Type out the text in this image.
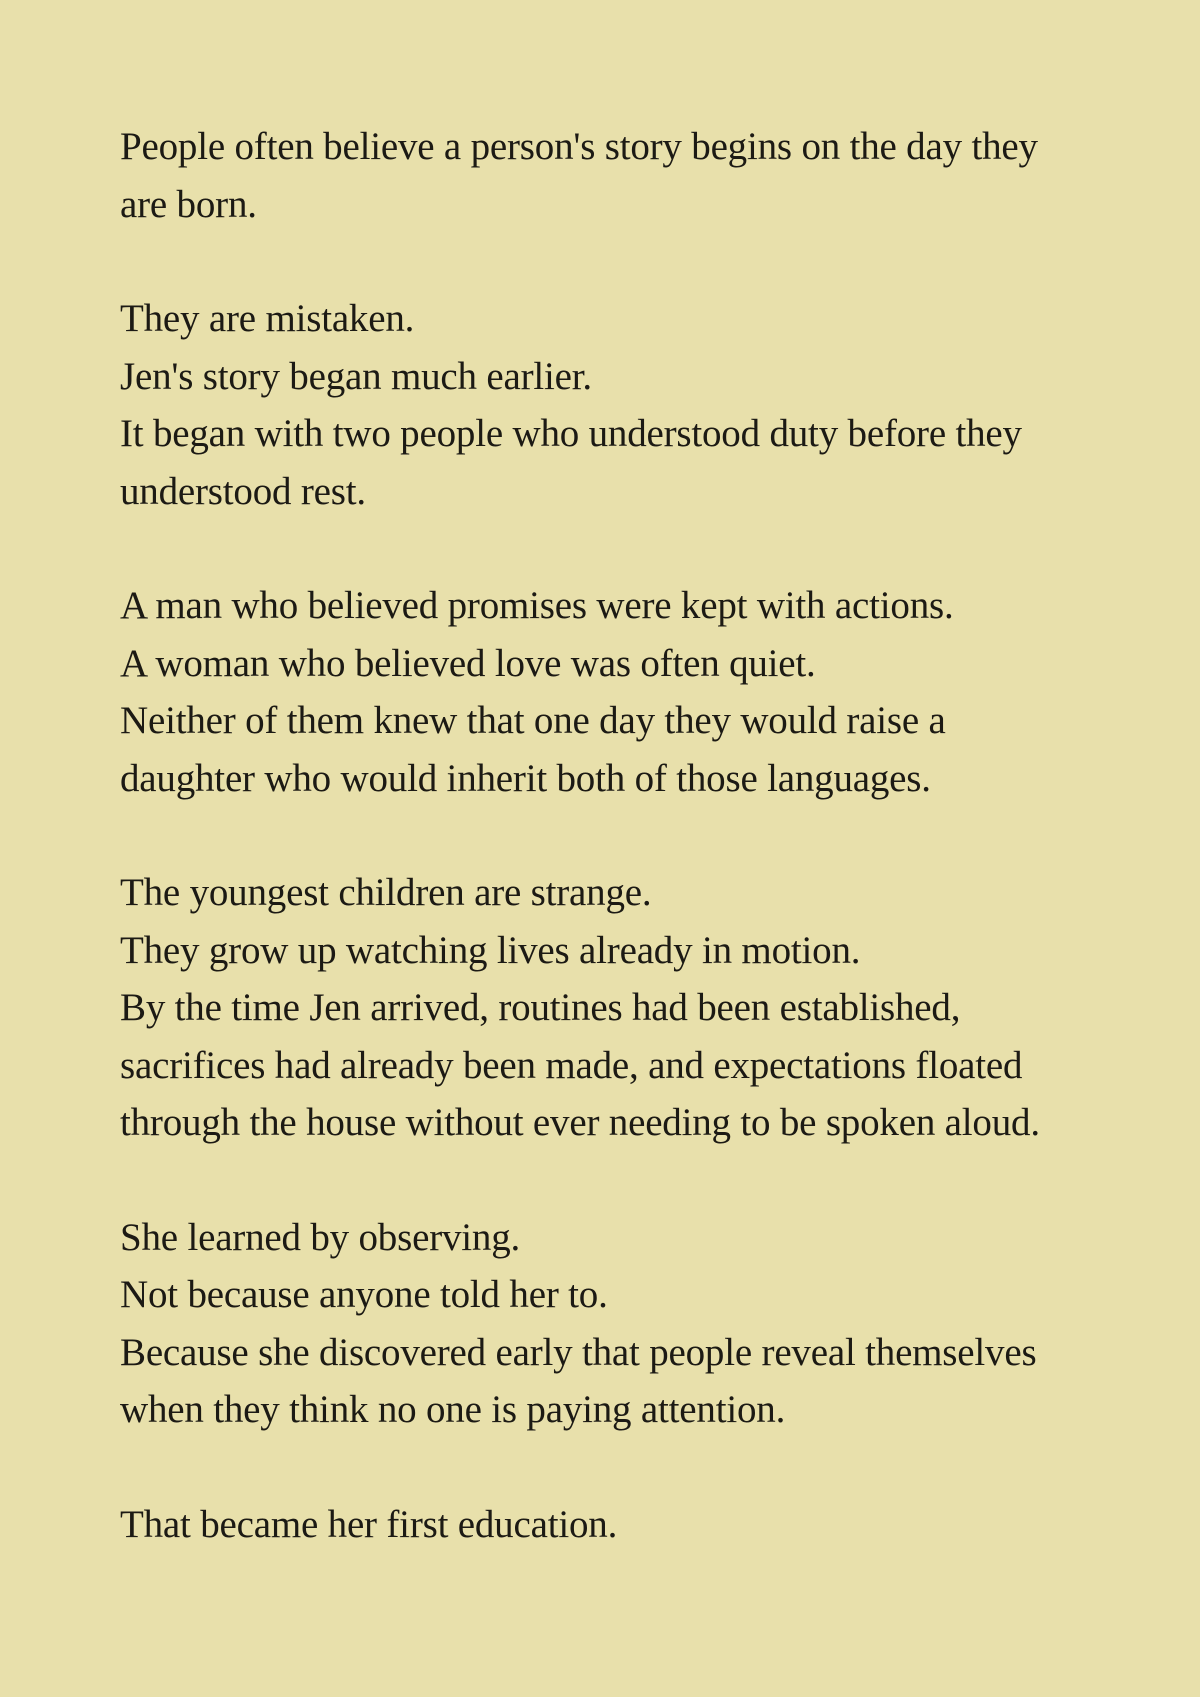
People often believe a person's story begins on the day they
are born.
They are mistaken.
Jen's story began much earlier.
It began with two people who understood duty before they
understood rest.
A man who believed promises were kept with actions.
A woman who believed love was often quiet.
Neither of them knew that one day they would raise a
daughter who would inherit both of those languages.
The youngest children are strange.
They grow up watching lives already in motion.
By the time Jen arrived, routines had been established,
sacrifices had already been made, and expectations floated
through the house without ever needing to be spoken aloud.
She learned by observing.
Not because anyone told her to.
Because she discovered early that people reveal themselves
when they think no one is paying attention.
That became her first education.
